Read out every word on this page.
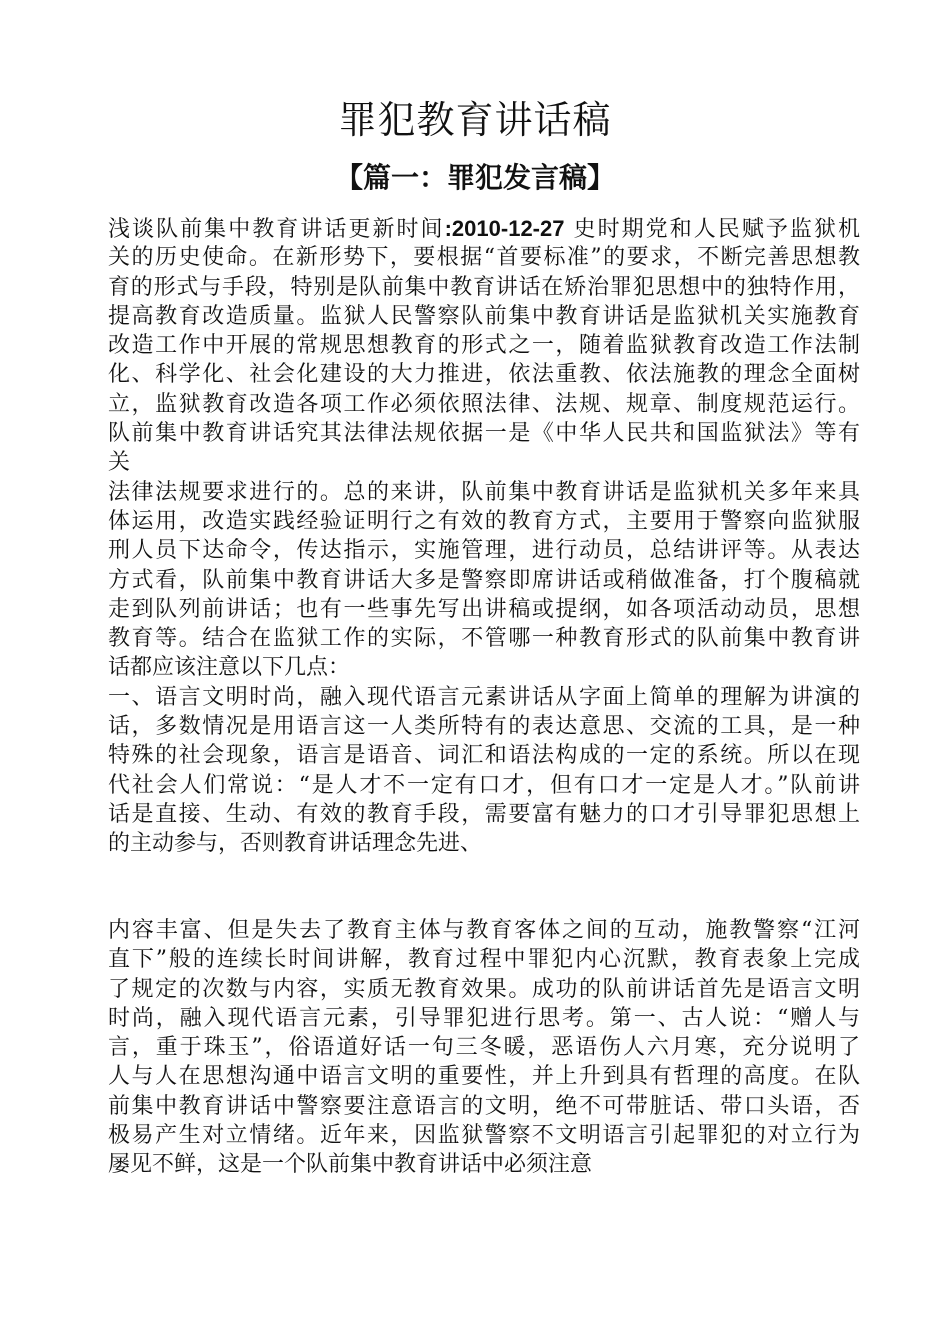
罪犯教育讲话稿
【篇一：罪犯发言稿】
浅谈队前集中教育讲话更新时间:2010-12-27 史时期党和人民赋予监狱机
关的历史使命。在新形势下，要根据“首要标准”的要求，不断完善思想教
育的形式与手段，特别是队前集中教育讲话在矫治罪犯思想中的独特作用，
提高教育改造质量。监狱人民警察队前集中教育讲话是监狱机关实施教育
改造工作中开展的常规思想教育的形式之一，随着监狱教育改造工作法制
化、科学化、社会化建设的大力推进，依法重教、依法施教的理念全面树
立，监狱教育改造各项工作必须依照法律、法规、规章、制度规范运行。
队前集中教育讲话究其法律法规依据一是《中华人民共和国监狱法》等有
关
法律法规要求进行的。总的来讲，队前集中教育讲话是监狱机关多年来具
体运用，改造实践经验证明行之有效的教育方式，主要用于警察向监狱服
刑人员下达命令，传达指示，实施管理，进行动员，总结讲评等。从表达
方式看，队前集中教育讲话大多是警察即席讲话或稍做准备，打个腹稿就
走到队列前讲话；也有一些事先写出讲稿或提纲，如各项活动动员，思想
教育等。结合在监狱工作的实际，不管哪一种教育形式的队前集中教育讲
话都应该注意以下几点：
一、语言文明时尚，融入现代语言元素讲话从字面上简单的理解为讲演的
话，多数情况是用语言这一人类所特有的表达意思、交流的工具，是一种
特殊的社会现象，语言是语音、词汇和语法构成的一定的系统。所以在现
代社会人们常说：“是人才不一定有口才，但有口才一定是人才。”队前讲
话是直接、生动、有效的教育手段，需要富有魅力的口才引导罪犯思想上
的主动参与，否则教育讲话理念先进、
内容丰富、但是失去了教育主体与教育客体之间的互动，施教警察“江河
直下”般的连续长时间讲解，教育过程中罪犯内心沉默，教育表象上完成
了规定的次数与内容，实质无教育效果。成功的队前讲话首先是语言文明
时尚，融入现代语言元素，引导罪犯进行思考。第一、古人说：“赠人与
言，重于珠玉”，俗语道好话一句三冬暖，恶语伤人六月寒，充分说明了
人与人在思想沟通中语言文明的重要性，并上升到具有哲理的高度。在队
前集中教育讲话中警察要注意语言的文明，绝不可带脏话、带口头语，否
极易产生对立情绪。近年来，因监狱警察不文明语言引起罪犯的对立行为
屡见不鲜，这是一个队前集中教育讲话中必须注意
